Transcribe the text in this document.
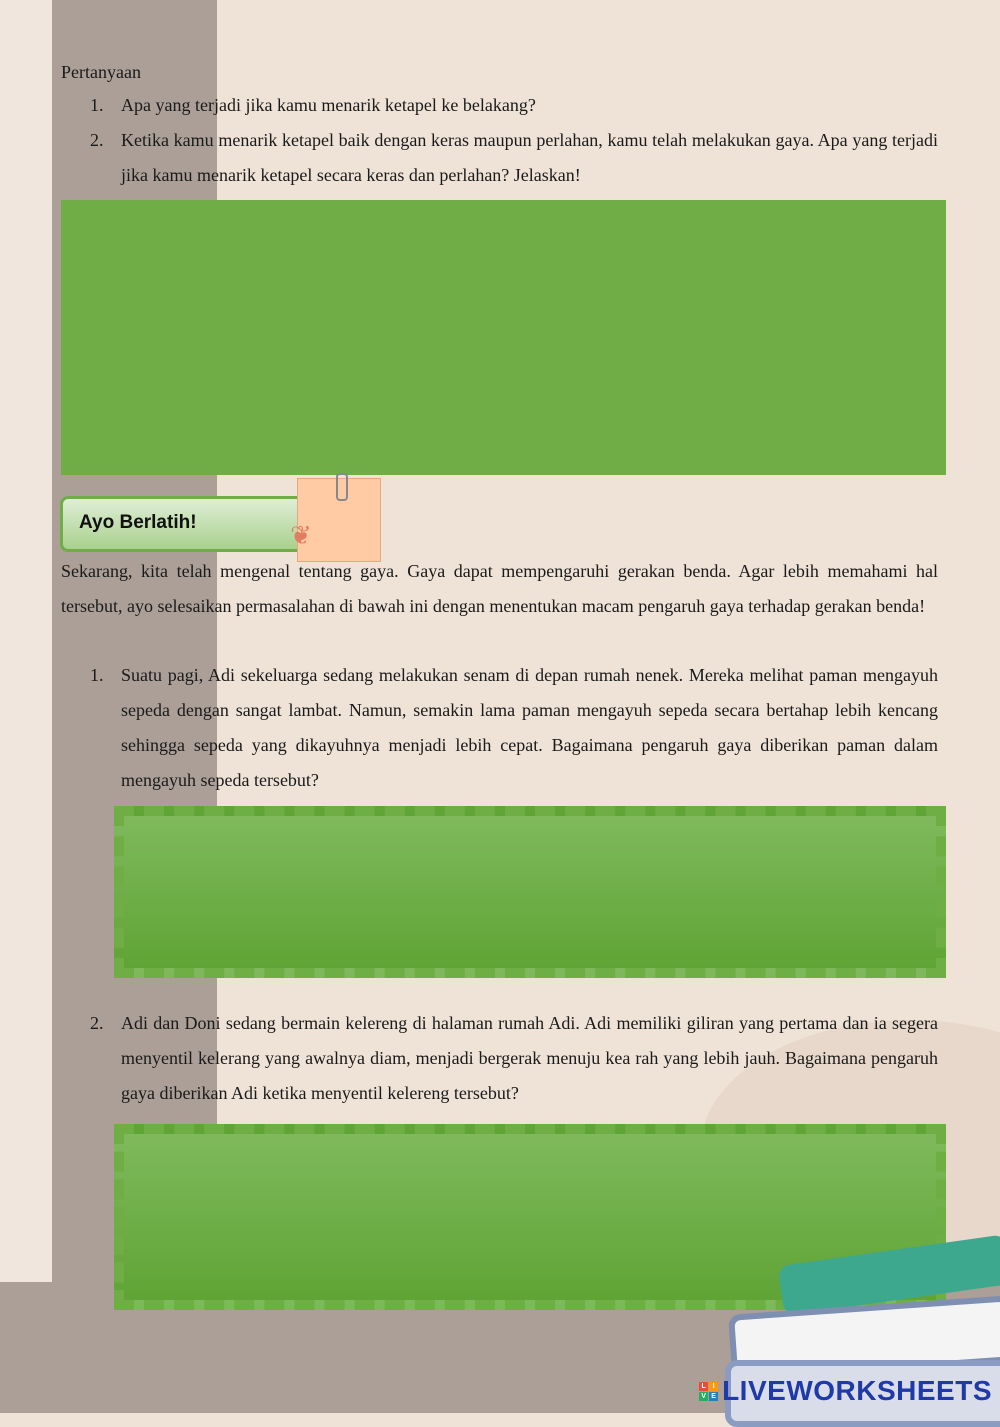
Pertanyaan
1. Apa yang terjadi jika kamu menarik ketapel ke belakang?
2. Ketika kamu menarik ketapel baik dengan keras maupun perlahan, kamu telah melakukan gaya. Apa yang terjadi jika kamu menarik ketapel secara keras dan perlahan? Jelaskan!
Ayo Berlatih!	❦
Sekarang, kita telah mengenal tentang gaya. Gaya dapat mempengaruhi gerakan benda. Agar lebih memahami hal tersebut, ayo selesaikan permasalahan di bawah ini dengan menentukan macam pengaruh gaya terhadap gerakan benda!
1. Suatu pagi, Adi sekeluarga sedang melakukan senam di depan rumah nenek. Mereka melihat paman mengayuh sepeda dengan sangat lambat. Namun, semakin lama paman mengayuh sepeda secara bertahap lebih kencang sehingga sepeda yang dikayuhnya menjadi lebih cepat. Bagaimana pengaruh gaya diberikan paman dalam mengayuh sepeda tersebut?
2. Adi dan Doni sedang bermain kelereng di halaman rumah Adi. Adi memiliki giliran yang pertama dan ia segera menyentil kelerang yang awalnya diam, menjadi bergerak menuju kea rah yang lebih jauh. Bagaimana pengaruh gaya diberikan Adi ketika menyentil kelereng tersebut?
L I
V E LIVEWORKSHEETS
